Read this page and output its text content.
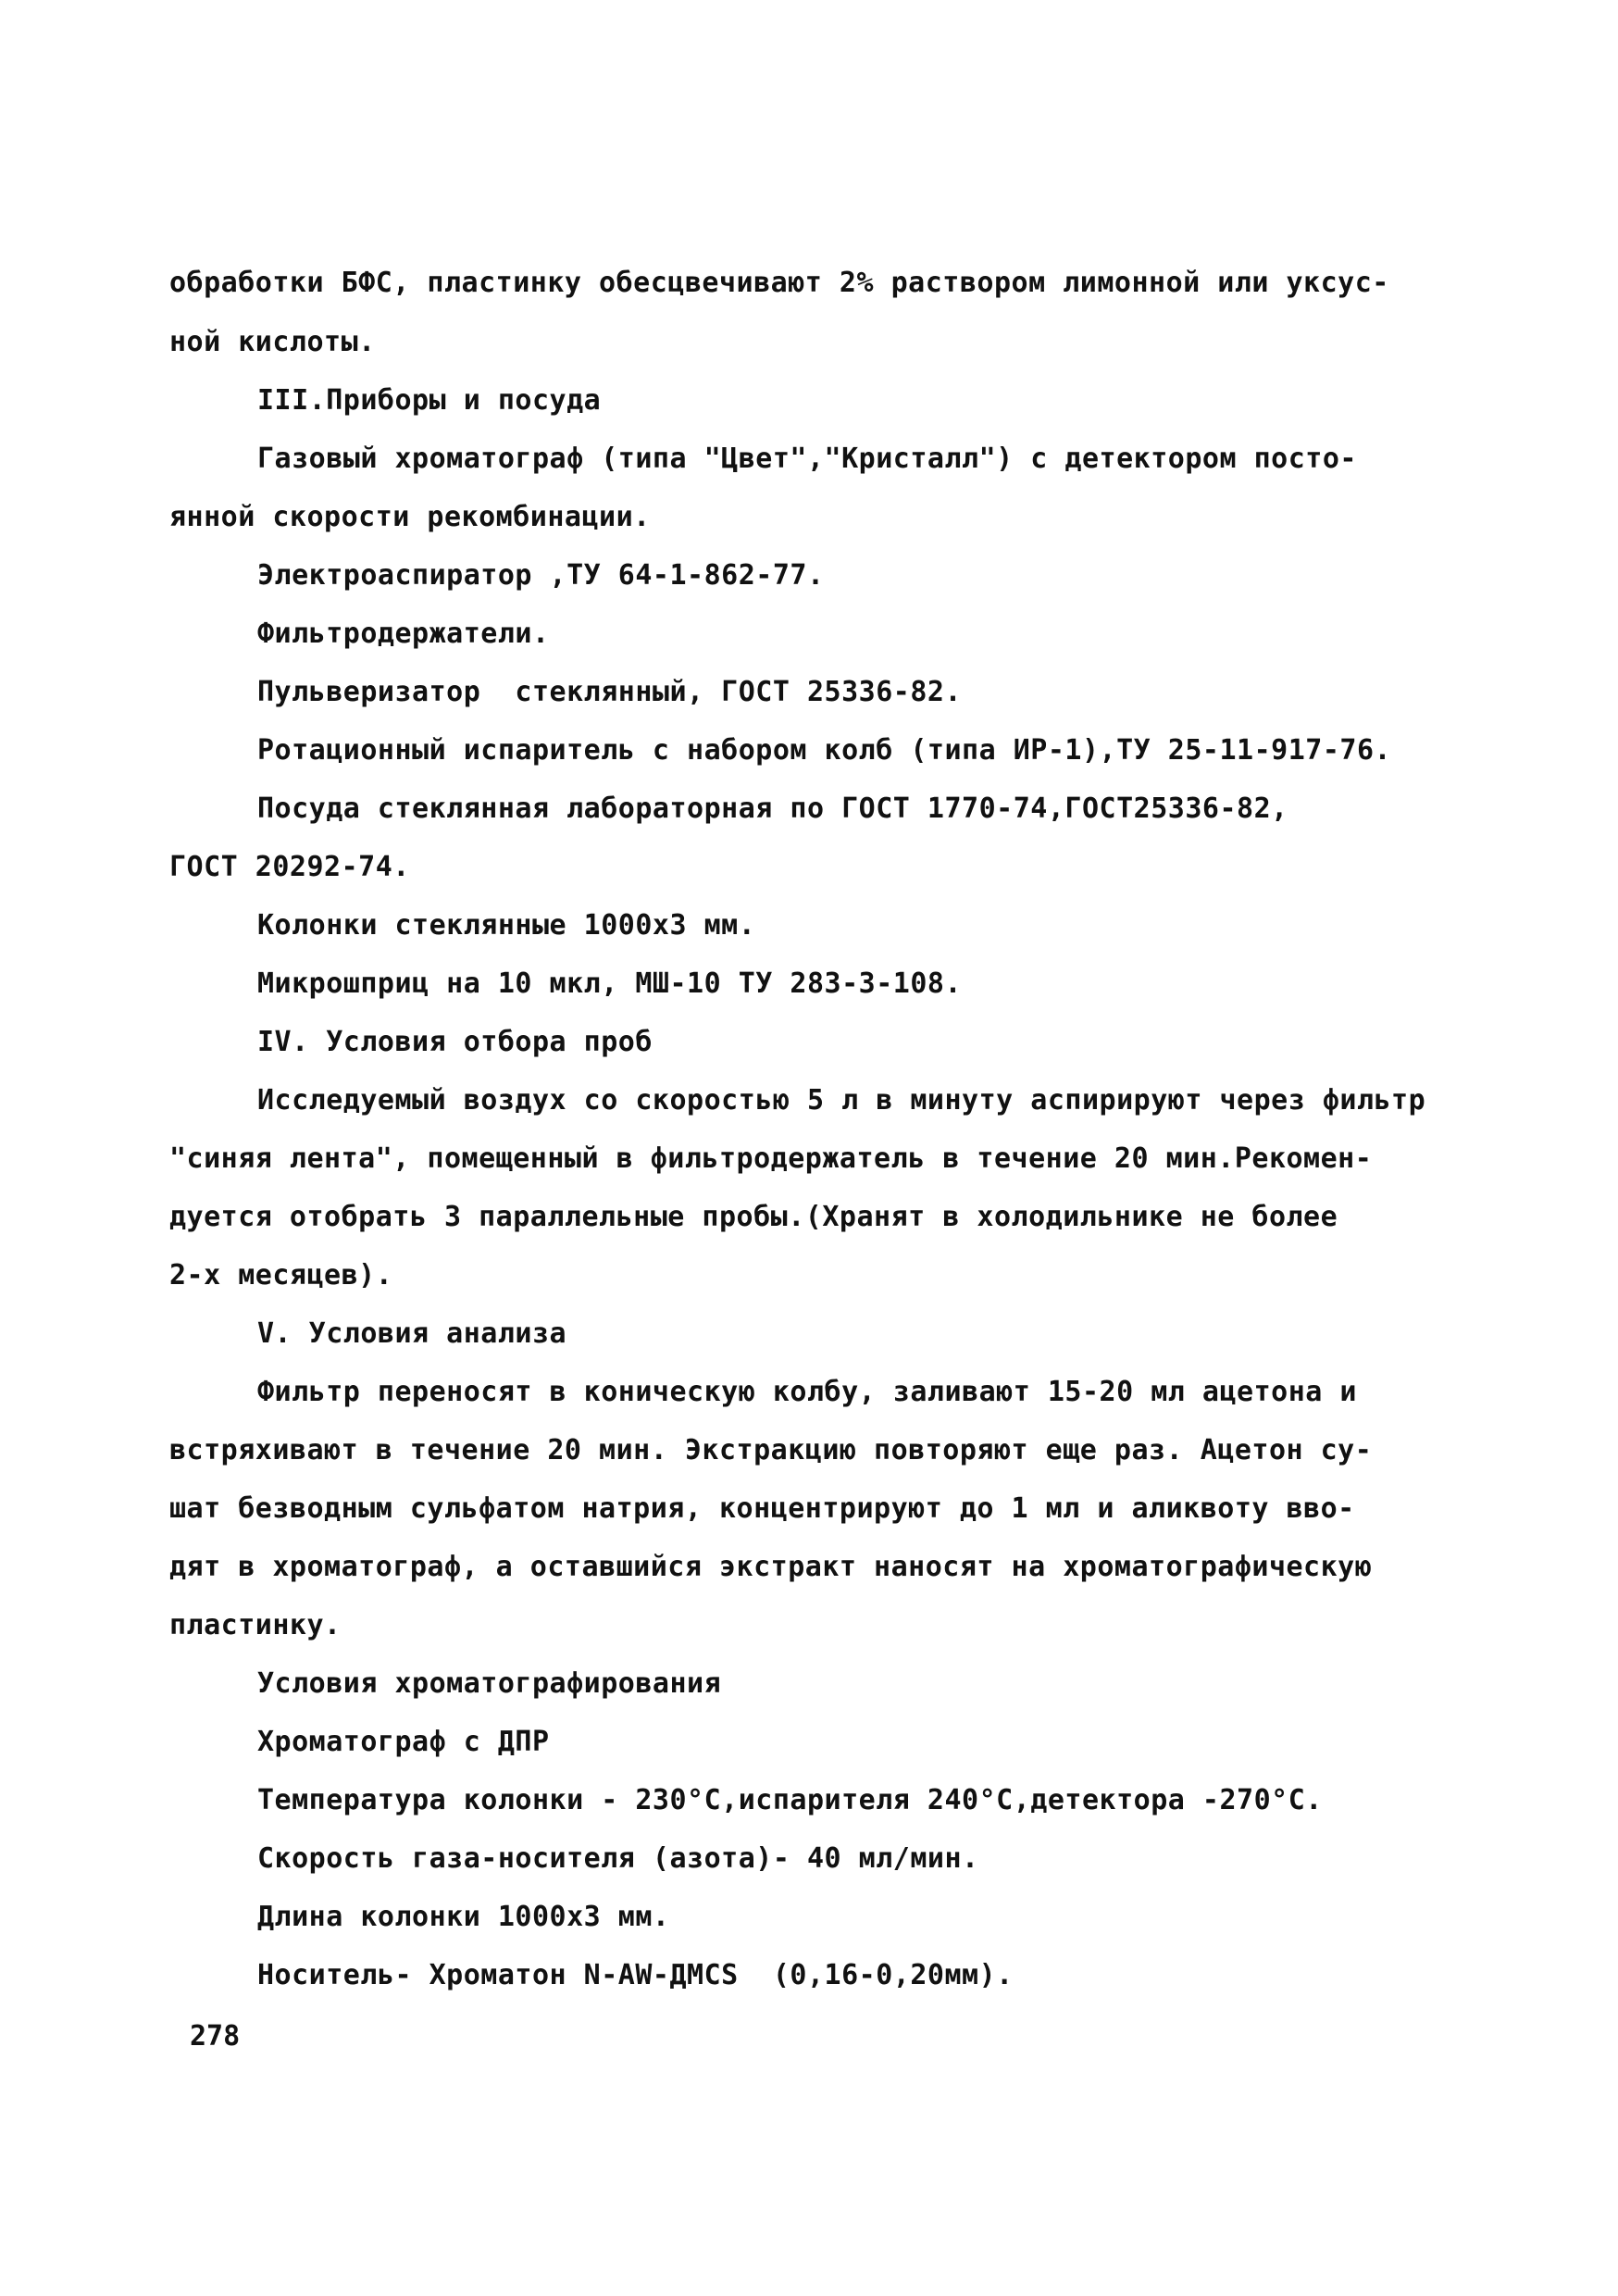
обработки БФС, пластинку обесцвечивают 2% раствором лимонной или уксус-
ной кислоты.
III.Приборы и посуда
Газовый хроматограф (типа "Цвет","Кристалл") с детектором посто-
янной скорости рекомбинации.
Электроаспиратор ,ТУ 64-1-862-77.
Фильтродержатели.
Пульверизатор  стеклянный, ГОСТ 25336-82.
Ротационный испаритель с набором колб (типа ИР-1),ТУ 25-11-917-76.
Посуда стеклянная лабораторная по ГОСТ 1770-74,ГОСТ25336-82,
ГОСТ 20292-74.
Колонки стеклянные 1000х3 мм.
Микрошприц на 10 мкл, МШ-10 ТУ 283-3-108.
IV. Условия отбора проб
Исследуемый воздух со скоростью 5 л в минуту аспирируют через фильтр
"синяя лента", помещенный в фильтродержатель в течение 20 мин.Рекомен-
дуется отобрать 3 параллельные пробы.(Хранят в холодильнике не более
2-х месяцев).
V. Условия анализа
Фильтр переносят в коническую колбу, заливают 15-20 мл ацетона и
встряхивают в течение 20 мин. Экстракцию повторяют еще раз. Ацетон су-
шат безводным сульфатом натрия, концентрируют до 1 мл и аликвоту вво-
дят в хроматограф, а оставшийся экстракт наносят на хроматографическую
пластинку.
Условия хроматографирования
Хроматограф с ДПР
Температура колонки - 230°С,испарителя 240°С,детектора -270°С.
Скорость газа-носителя (азота)- 40 мл/мин.
Длина колонки 1000х3 мм.
Носитель- Хроматон N-AW-ДМСS  (0,16-0,20мм).
278
